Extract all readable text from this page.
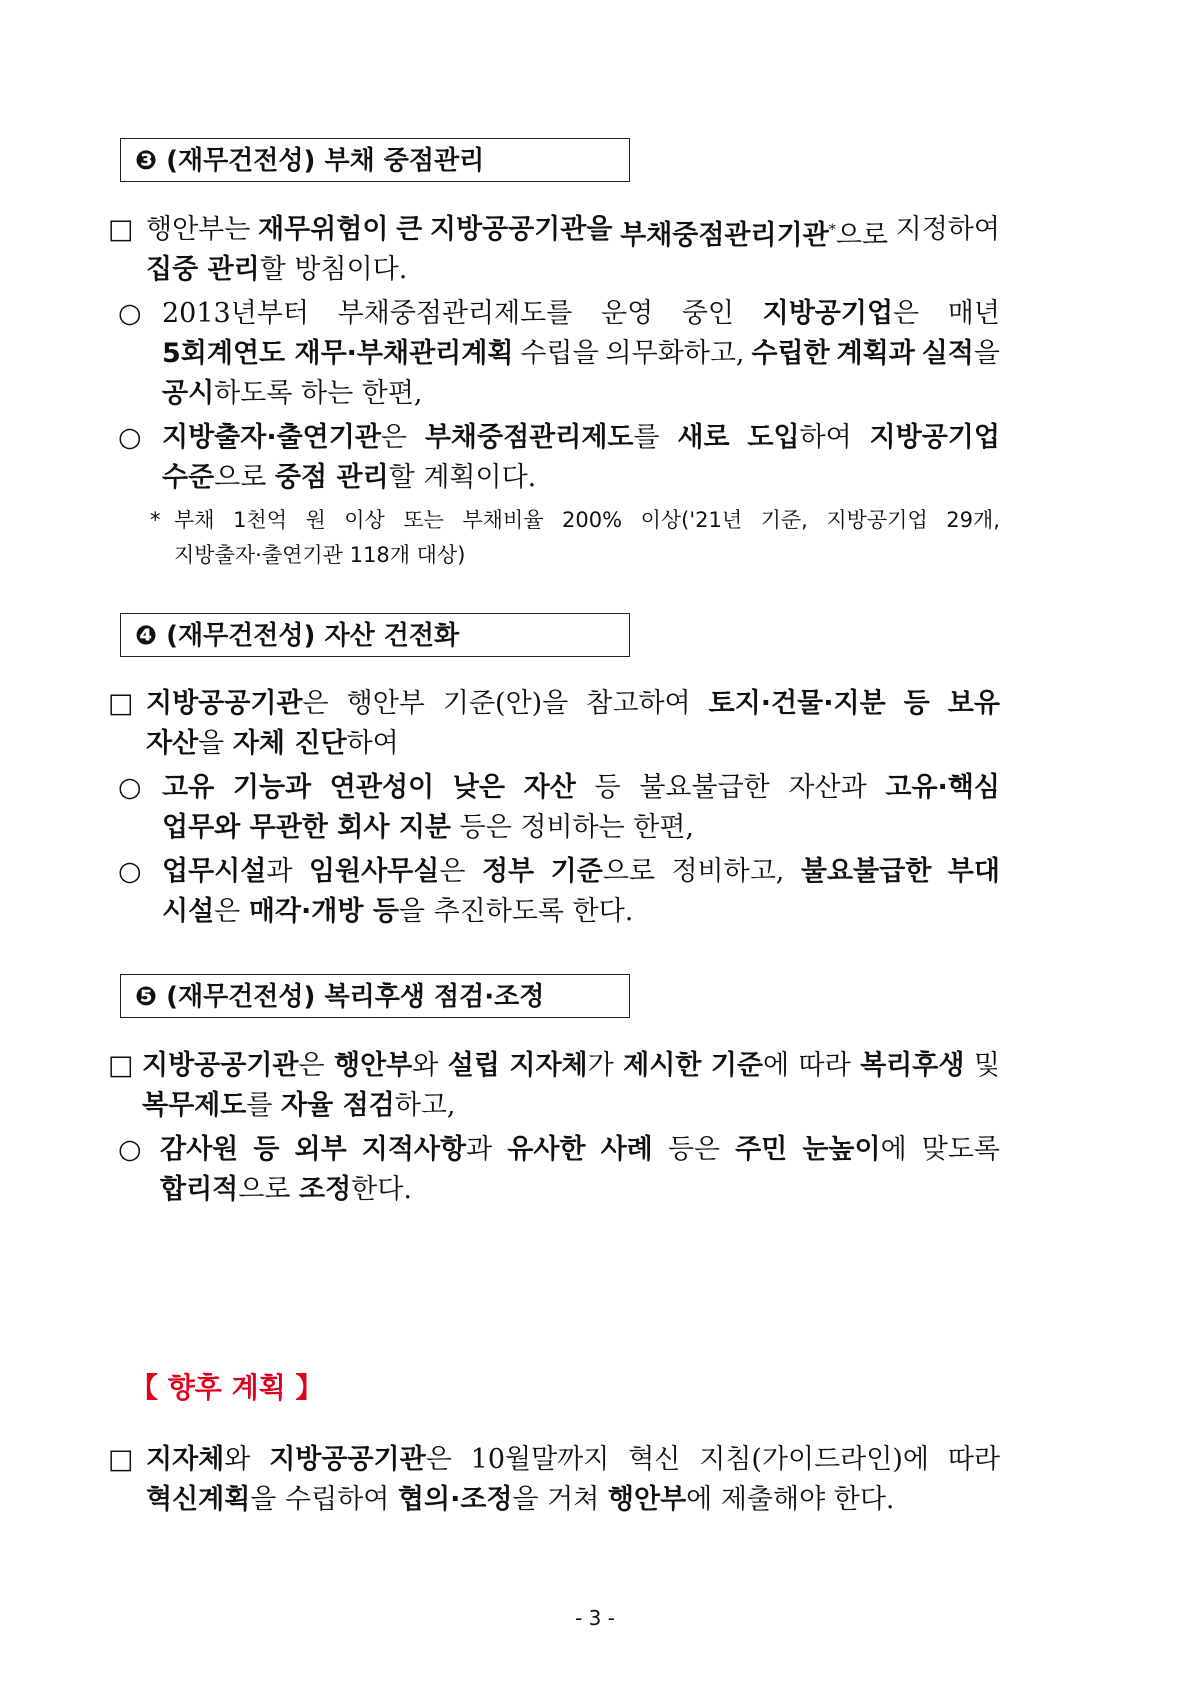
❸ (재무건전성) 부채 중점관리
□ 행안부는 재무위험이 큰 지방공공기관을 부채중점관리기관*으로 지정하여
집중 관리할 방침이다.
○ 2013년부터 부채중점관리제도를 운영 중인 지방공기업은 매년
5회계연도 재무·부채관리계획 수립을 의무화하고, 수립한 계획과 실적을
공시하도록 하는 한편,
○ 지방출자·출연기관은 부채중점관리제도를 새로 도입하여 지방공기업
수준으로 중점 관리할 계획이다.
* 부채 1천억 원 이상 또는 부채비율 200% 이상('21년 기준, 지방공기업 29개,
지방출자·출연기관 118개 대상)
❹ (재무건전성) 자산 건전화
□ 지방공공기관은 행안부 기준(안)을 참고하여 토지·건물·지분 등 보유
자산을 자체 진단하여
○ 고유 기능과 연관성이 낮은 자산 등 불요불급한 자산과 고유·핵심
업무와 무관한 회사 지분 등은 정비하는 한편,
○ 업무시설과 임원사무실은 정부 기준으로 정비하고, 불요불급한 부대
시설은 매각·개방 등을 추진하도록 한다.
❺ (재무건전성) 복리후생 점검·조정
□ 지방공공기관은 행안부와 설립 지자체가 제시한 기준에 따라 복리후생 및
복무제도를 자율 점검하고,
○ 감사원 등 외부 지적사항과 유사한 사례 등은 주민 눈높이에 맞도록
합리적으로 조정한다.
【 향후 계획 】
□ 지자체와 지방공공기관은 10월말까지 혁신 지침(가이드라인)에 따라
혁신계획을 수립하여 협의·조정을 거쳐 행안부에 제출해야 한다.
- 3 -
